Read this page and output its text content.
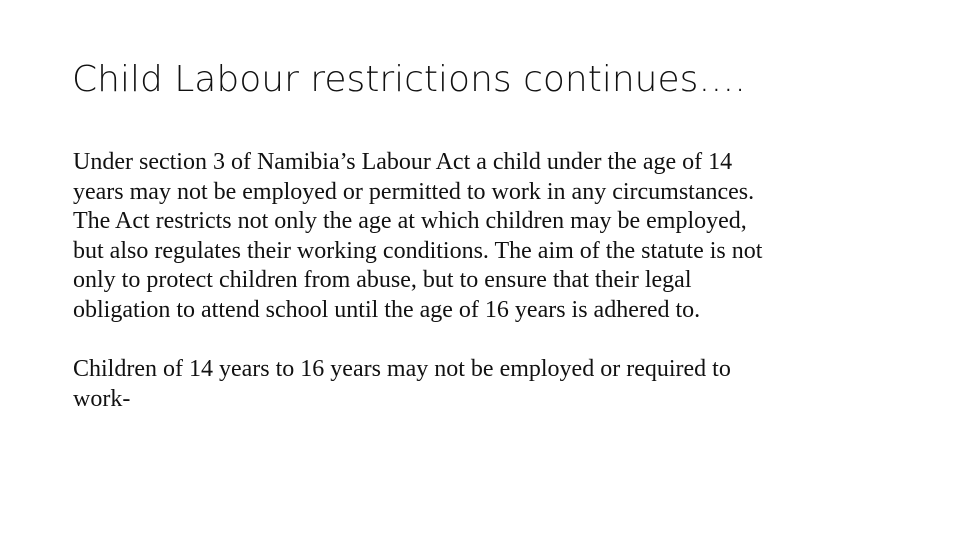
Child Labour restrictions continues….

Under section 3 of Namibia’s Labour Act a child under the age of 14
years may not be employed or permitted to work in any circumstances.
The Act restricts not only the age at which children may be employed,
but also regulates their working conditions. The aim of the statute is not
only to protect children from abuse, but to ensure that their legal
obligation to attend school until the age of 16 years is adhered to.

Children of 14 years to 16 years may not be employed or required to
work-
